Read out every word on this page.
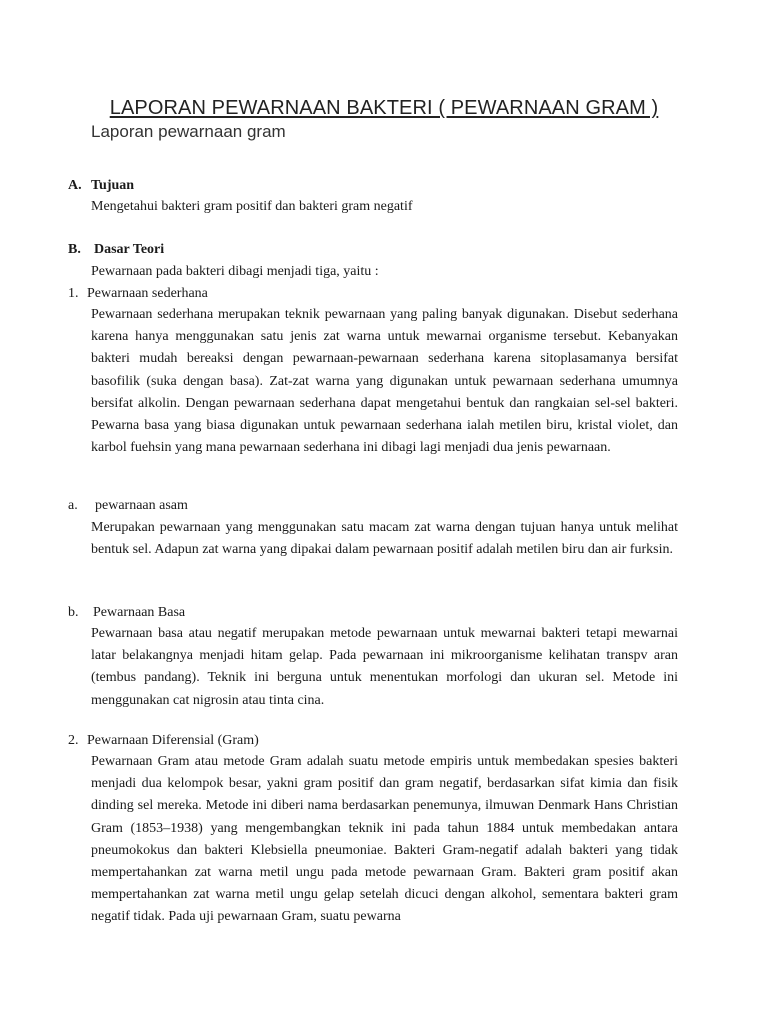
LAPORAN PEWARNAAN BAKTERI ( PEWARNAAN GRAM )
Laporan pewarnaan gram
A. Tujuan
Mengetahui bakteri gram positif dan bakteri gram negatif
B. Dasar Teori
Pewarnaan pada bakteri dibagi menjadi tiga, yaitu :
1. Pewarnaan sederhana

Pewarnaan sederhana merupakan teknik pewarnaan yang paling banyak digunakan. Disebut sederhana karena hanya menggunakan satu jenis zat warna untuk mewarnai organisme tersebut. Kebanyakan bakteri mudah bereaksi dengan pewarnaan-pewarnaan sederhana karena sitoplasamanya bersifat basofilik (suka dengan basa). Zat-zat warna yang digunakan untuk pewarnaan sederhana umumnya bersifat alkolin. Dengan pewarnaan sederhana dapat mengetahui bentuk dan rangkaian sel-sel bakteri. Pewarna basa yang biasa digunakan untuk pewarnaan sederhana ialah metilen biru, kristal violet, dan karbol fuehsin yang mana pewarnaan sederhana ini dibagi lagi menjadi dua jenis pewarnaan.

a. pewarnaan asam

Merupakan pewarnaan yang menggunakan satu macam zat warna dengan tujuan hanya untuk melihat bentuk sel. Adapun zat warna yang dipakai dalam pewarnaan positif adalah metilen biru dan air furksin.

b. Pewarnaan Basa

Pewarnaan basa atau negatif merupakan metode pewarnaan untuk mewarnai bakteri tetapi mewarnai latar belakangnya menjadi hitam gelap. Pada pewarnaan ini mikroorganisme kelihatan transpv aran (tembus pandang). Teknik ini berguna untuk menentukan morfologi dan ukuran sel. Metode ini menggunakan cat nigrosin atau tinta cina.

2. Pewarnaan Diferensial (Gram)

Pewarnaan Gram atau metode Gram adalah suatu metode empiris untuk membedakan spesies bakteri menjadi dua kelompok besar, yakni gram positif dan gram negatif, berdasarkan sifat kimia dan fisik dinding sel mereka. Metode ini diberi nama berdasarkan penemunya, ilmuwan Denmark Hans Christian Gram (1853–1938) yang mengembangkan teknik ini pada tahun 1884 untuk membedakan antara pneumokokus dan bakteri Klebsiella pneumoniae. Bakteri Gram-negatif adalah bakteri yang tidak mempertahankan zat warna metil ungu pada metode pewarnaan Gram. Bakteri gram positif akan mempertahankan zat warna metil ungu gelap setelah dicuci dengan alkohol, sementara bakteri gram negatif tidak. Pada uji pewarnaan Gram, suatu pewarna
